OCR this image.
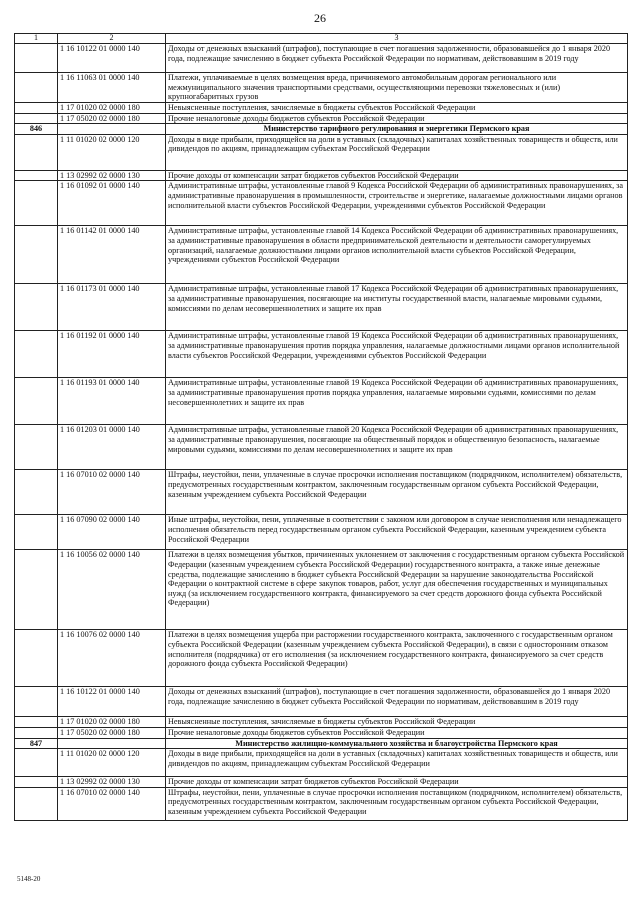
26
1	2	3
	1 16 10122 01 0000 140	Доходы от денежных взысканий (штрафов), поступающие в счет погашения задолженности, образовавшейся до 1 января 2020 года, подлежащие зачислению в бюджет субъекта Российской Федерации по нормативам, действовавшим в 2019 году
	1 16 11063 01 0000 140	Платежи, уплачиваемые в целях возмещения вреда, причиняемого автомобильным дорогам регионального или межмуниципального значения транспортными средствами, осуществляющими перевозки тяжеловесных и (или) крупногабаритных грузов
	1 17 01020 02 0000 180	Невыясненные поступления, зачисляемые в бюджеты субъектов Российской Федерации
	1 17 05020 02 0000 180	Прочие неналоговые доходы бюджетов субъектов Российской Федерации
846		Министерство тарифного регулирования и энергетики Пермского края
	1 11 01020 02 0000 120	Доходы в виде прибыли, приходящейся на доли в уставных (складочных) капиталах хозяйственных товариществ и обществ, или дивидендов по акциям, принадлежащим субъектам Российской Федерации
	1 13 02992 02 0000 130	Прочие доходы от компенсации затрат бюджетов субъектов Российской Федерации
	1 16 01092 01 0000 140	Административные штрафы, установленные главой 9 Кодекса Российской Федерации об административных правонарушениях, за административные правонарушения в промышленности, строительстве и энергетике, налагаемые должностными лицами органов исполнительной власти субъектов Российской Федерации, учреждениями субъектов Российской Федерации
	1 16 01142 01 0000 140	Административные штрафы, установленные главой 14 Кодекса Российской Федерации об административных правонарушениях, за административные правонарушения в области предпринимательской деятельности и деятельности саморегулируемых организаций, налагаемые должностными лицами органов исполнительной власти субъектов Российской Федерации, учреждениями субъектов Российской Федерации
	1 16 01173 01 0000 140	Административные штрафы, установленные главой 17 Кодекса Российской Федерации об административных правонарушениях, за административные правонарушения, посягающие на институты государственной власти, налагаемые мировыми судьями, комиссиями по делам несовершеннолетних и защите их прав
	1 16 01192 01 0000 140	Административные штрафы, установленные главой 19 Кодекса Российской Федерации об административных правонарушениях, за административные правонарушения против порядка управления, налагаемые должностными лицами органов исполнительной власти субъектов Российской Федерации, учреждениями субъектов Российской Федерации
	1 16 01193 01 0000 140	Административные штрафы, установленные главой 19 Кодекса Российской Федерации об административных правонарушениях, за административные правонарушения против порядка управления, налагаемые мировыми судьями, комиссиями по делам несовершеннолетних и защите их прав
	1 16 01203 01 0000 140	Административные штрафы, установленные главой 20 Кодекса Российской Федерации об административных правонарушениях, за административные правонарушения, посягающие на общественный порядок и общественную безопасность, налагаемые мировыми судьями, комиссиями по делам несовершеннолетних и защите их прав
	1 16 07010 02 0000 140	Штрафы, неустойки, пени, уплаченные в случае просрочки исполнения поставщиком (подрядчиком, исполнителем) обязательств, предусмотренных государственным контрактом, заключенным государственным органом субъекта Российской Федерации, казенным учреждением субъекта Российской Федерации
	1 16 07090 02 0000 140	Иные штрафы, неустойки, пени, уплаченные в соответствии с законом или договором в случае неисполнения или ненадлежащего исполнения обязательств перед государственным органом субъекта Российской Федерации, казенным учреждением субъекта Российской Федерации
	1 16 10056 02 0000 140	Платежи в целях возмещения убытков, причиненных уклонением от заключения с государственным органом субъекта Российской Федерации (казенным учреждением субъекта Российской Федерации) государственного контракта, а также иные денежные средства, подлежащие зачислению в бюджет субъекта Российской Федерации за нарушение законодательства Российской Федерации о контрактной системе в сфере закупок товаров, работ, услуг для обеспечения государственных и муниципальных нужд (за исключением государственного контракта, финансируемого за счет средств дорожного фонда субъекта Российской Федерации)
	1 16 10076 02 0000 140	Платежи в целях возмещения ущерба при расторжении государственного контракта, заключенного с государственным органом субъекта Российской Федерации (казенным учреждением субъекта Российской Федерации), в связи с односторонним отказом исполнителя (подрядчика) от его исполнения (за исключением государственного контракта, финансируемого за счет средств дорожного фонда субъекта Российской Федерации)
	1 16 10122 01 0000 140	Доходы от денежных взысканий (штрафов), поступающие в счет погашения задолженности, образовавшейся до 1 января 2020 года, подлежащие зачислению в бюджет субъекта Российской Федерации по нормативам, действовавшим в 2019 году
	1 17 01020 02 0000 180	Невыясненные поступления, зачисляемые в бюджеты субъектов Российской Федерации
	1 17 05020 02 0000 180	Прочие неналоговые доходы бюджетов субъектов Российской Федерации
847		Министерство жилищно-коммунального хозяйства и благоустройства Пермского края
	1 11 01020 02 0000 120	Доходы в виде прибыли, приходящейся на доли в уставных (складочных) капиталах хозяйственных товариществ и обществ, или дивидендов по акциям, принадлежащим субъектам Российской Федерации
	1 13 02992 02 0000 130	Прочие доходы от компенсации затрат бюджетов субъектов Российской Федерации
	1 16 07010 02 0000 140	Штрафы, неустойки, пени, уплаченные в случае просрочки исполнения поставщиком (подрядчиком, исполнителем) обязательств, предусмотренных государственным контрактом, заключенным государственным органом субъекта Российской Федерации, казенным учреждением субъекта Российской Федерации
5148-20
